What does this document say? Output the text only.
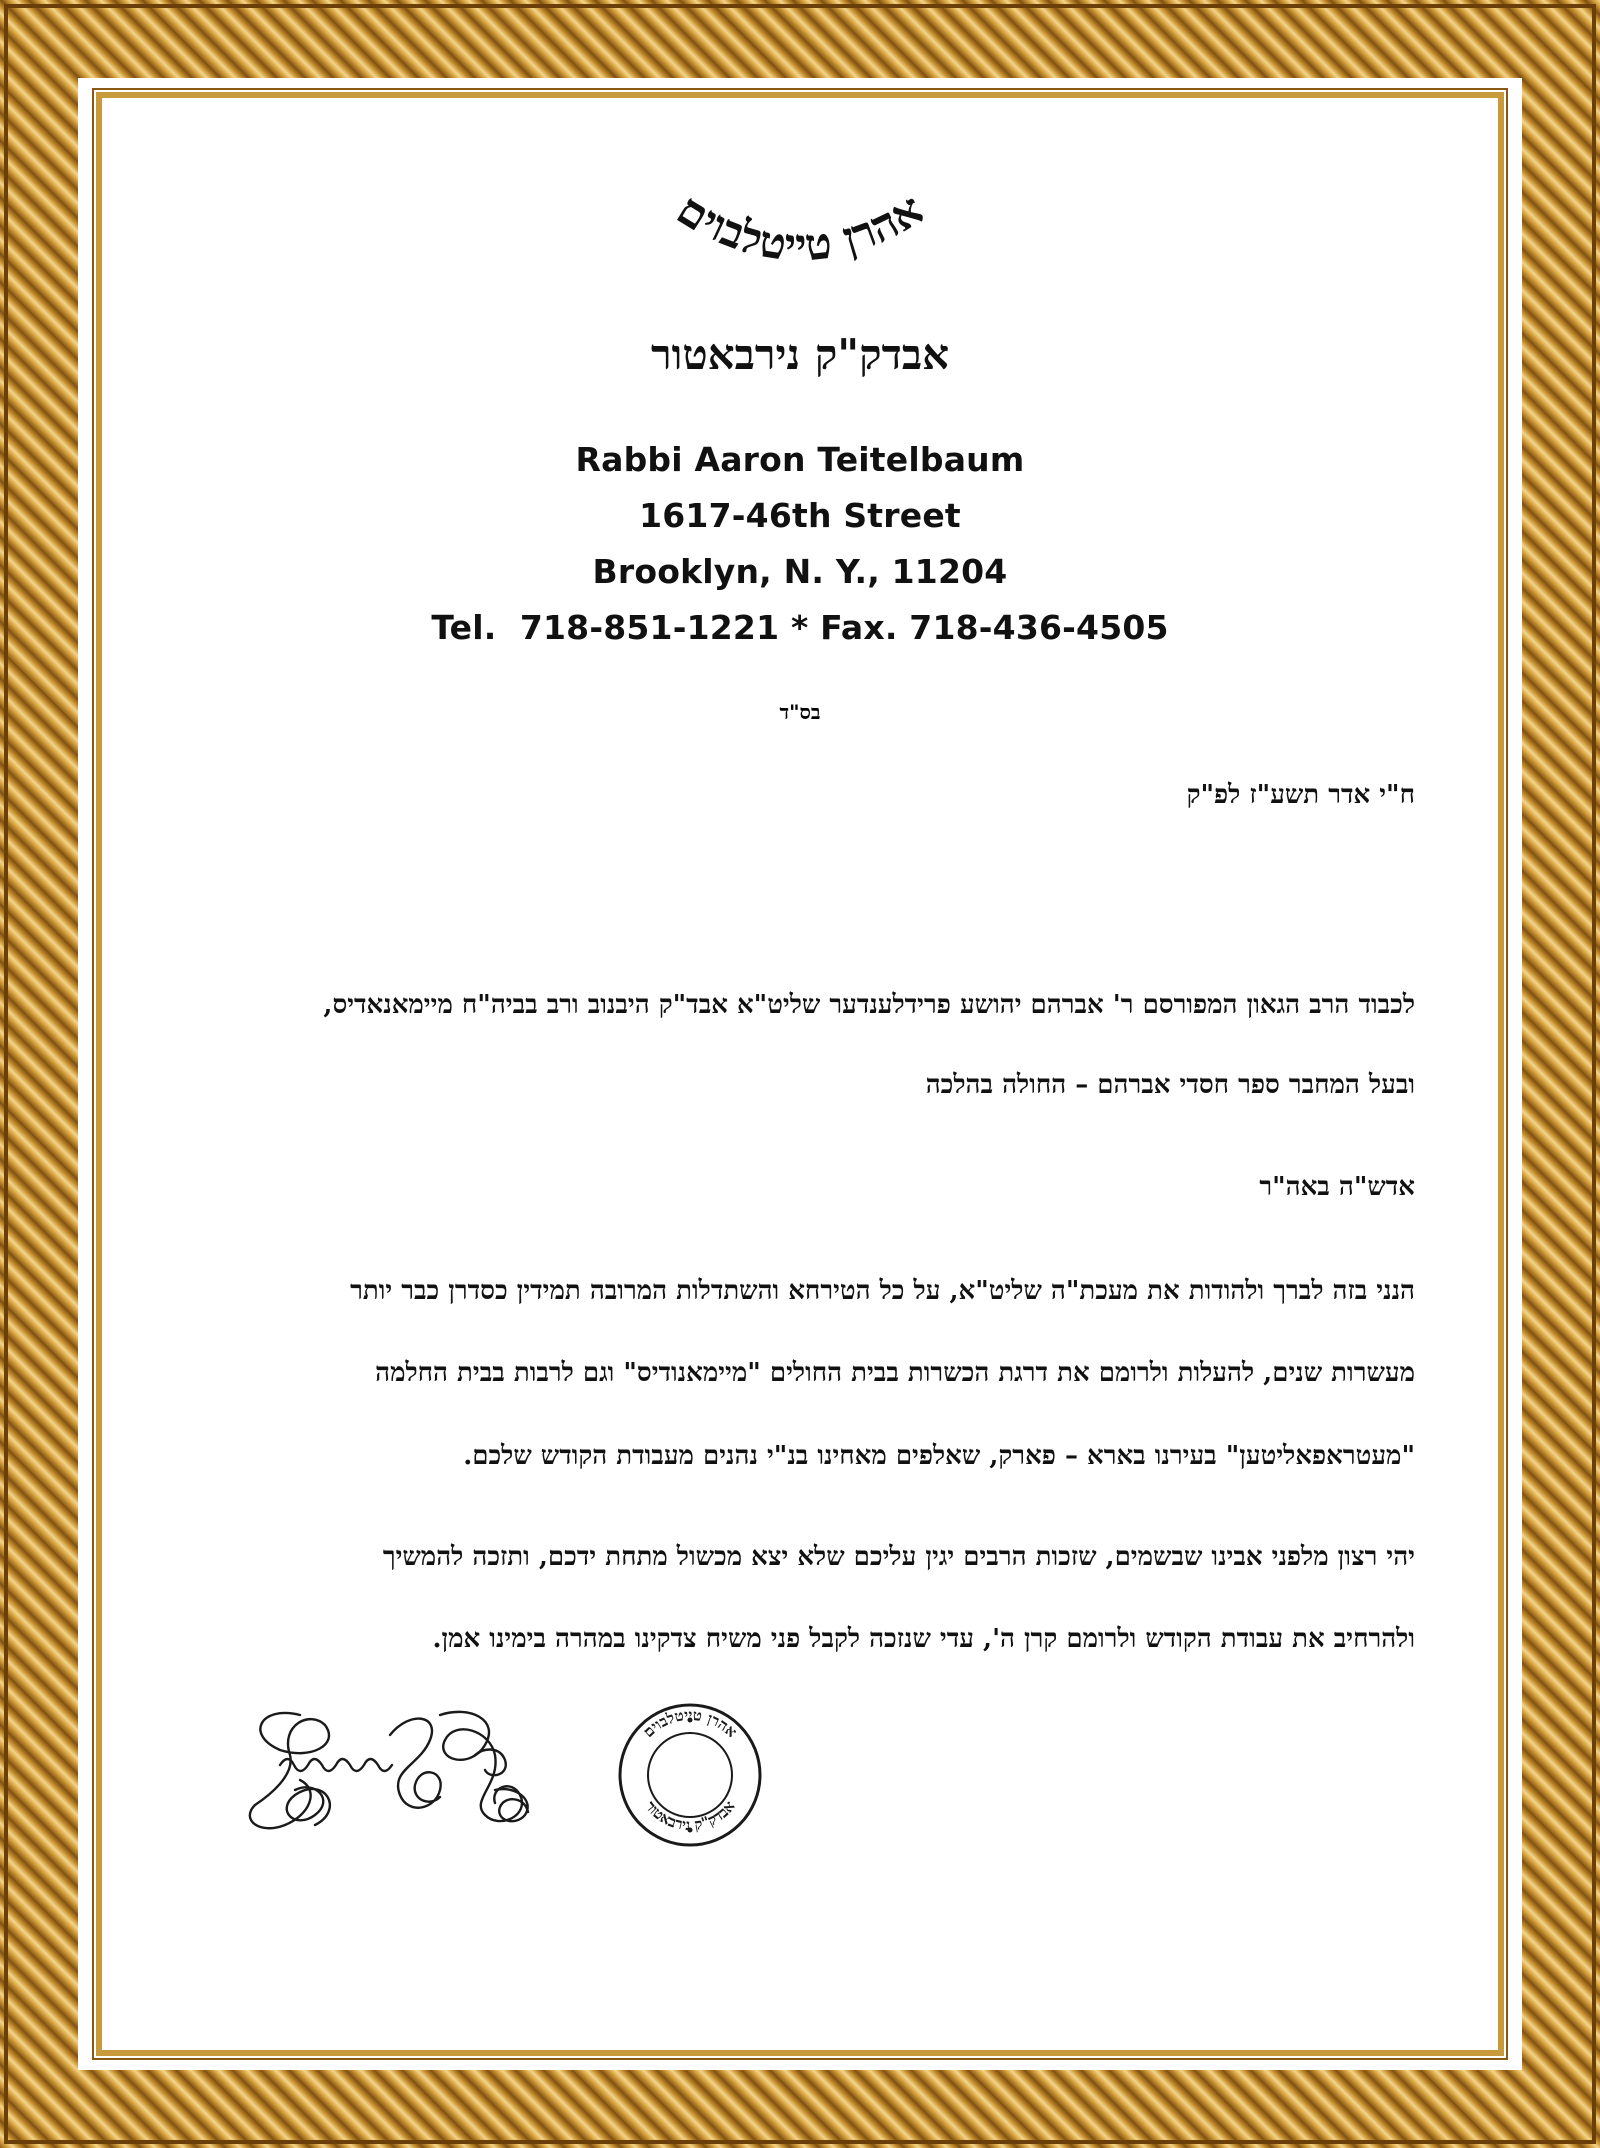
אהרן טייטלבוים
אבדק"ק נירבאטור
Rabbi Aaron Teitelbaum
1617-46th Street
Brooklyn, N. Y., 11204
Tel.  718-851-1221 * Fax. 718-436-4505
בס"ד
ח"י אדר תשע"ז לפ"ק
לכבוד הרב הגאון המפורסם ר' אברהם יהושע פרידלענדער שליט"א אבד"ק היבנוב ורב בביה"ח מיימאנאדיס,
ובעל המחבר ספר חסדי אברהם – החולה בהלכה
אדש"ה באה"ר
הנני בזה לברך ולהודות את מעכת"ה שליט"א, על כל הטירחא והשתדלות המרובה תמידין כסדרן כבר יותר
מעשרות שנים, להעלות ולרומם את דרגת הכשרות בבית החולים "מיימאנודיס" וגם לרבות בבית החלמה
"מעטראפאליטען" בעירנו בארא – פארק, שאלפים מאחינו בנ"י נהנים מעבודת הקודש שלכם.
יהי רצון מלפני אבינו שבשמים, שזכות הרבים יגין עליכם שלא יצא מכשול מתחת ידכם, ותזכה להמשיך
ולהרחיב את עבודת הקודש ולרומם קרן ה', עדי שנזכה לקבל פני משיח צדקינו במהרה בימינו אמן.
אהרן טייטלבוים
אבדק"ק נירבאטור
